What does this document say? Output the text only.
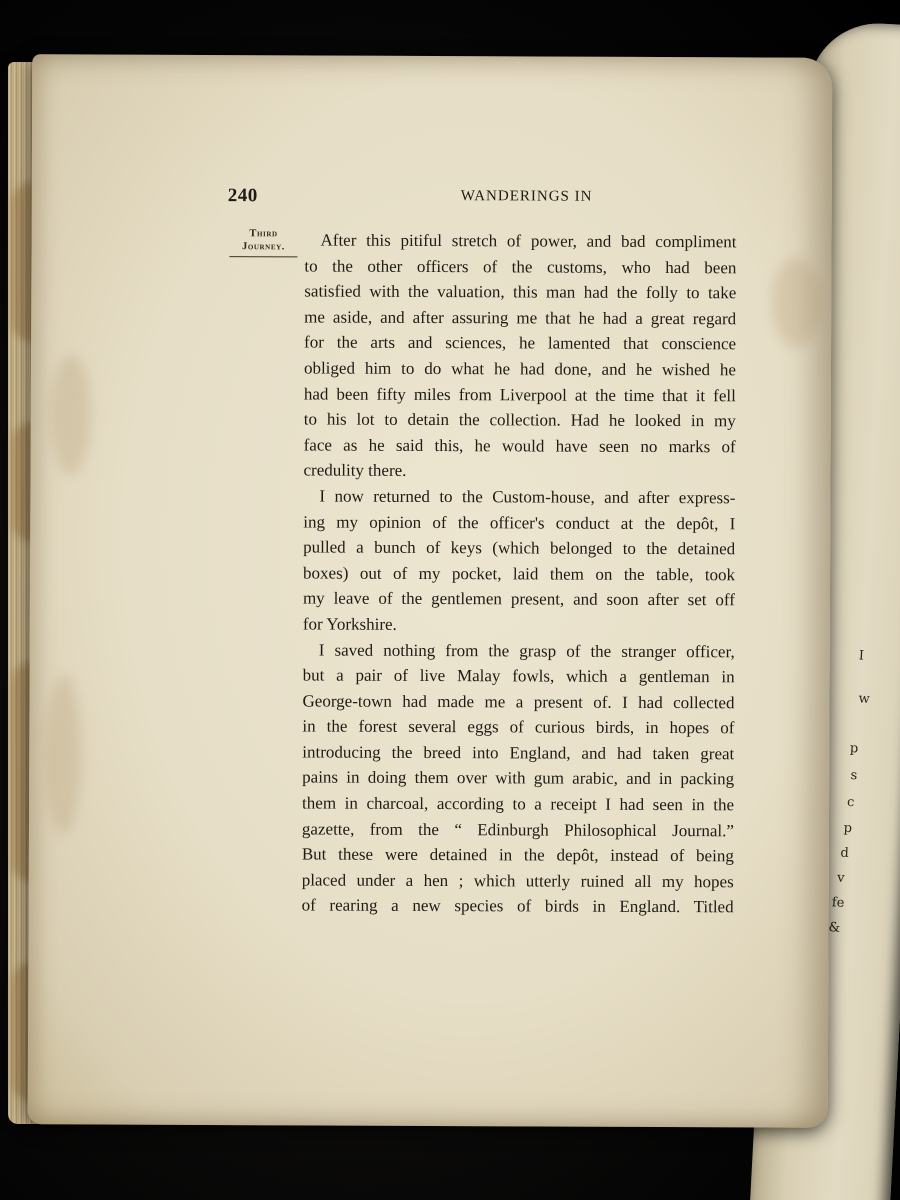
I
w
p
s
c
p
d
v
fe
&
240	WANDERINGS IN
Third
Journey.	After this pitiful stretch of power, and bad compliment
to the other officers of the customs, who had been
satisfied with the valuation, this man had the folly to take
me aside, and after assuring me that he had a great regard
for the arts and sciences, he lamented that conscience
obliged him to do what he had done, and he wished he
had been fifty miles from Liverpool at the time that it fell
to his lot to detain the collection. Had he looked in my
face as he said this, he would have seen no marks of
credulity there.
I now returned to the Custom-house, and after express-
ing my opinion of the officer's conduct at the depôt, I
pulled a bunch of keys (which belonged to the detained
boxes) out of my pocket, laid them on the table, took
my leave of the gentlemen present, and soon after set off
for Yorkshire.
I saved nothing from the grasp of the stranger officer,
but a pair of live Malay fowls, which a gentleman in
George-town had made me a present of. I had collected
in the forest several eggs of curious birds, in hopes of
introducing the breed into England, and had taken great
pains in doing them over with gum arabic, and in packing
them in charcoal, according to a receipt I had seen in the
gazette, from the “ Edinburgh Philosophical Journal.”
But these were detained in the depôt, instead of being
placed under a hen ; which utterly ruined all my hopes
of rearing a new species of birds in England. Titled
